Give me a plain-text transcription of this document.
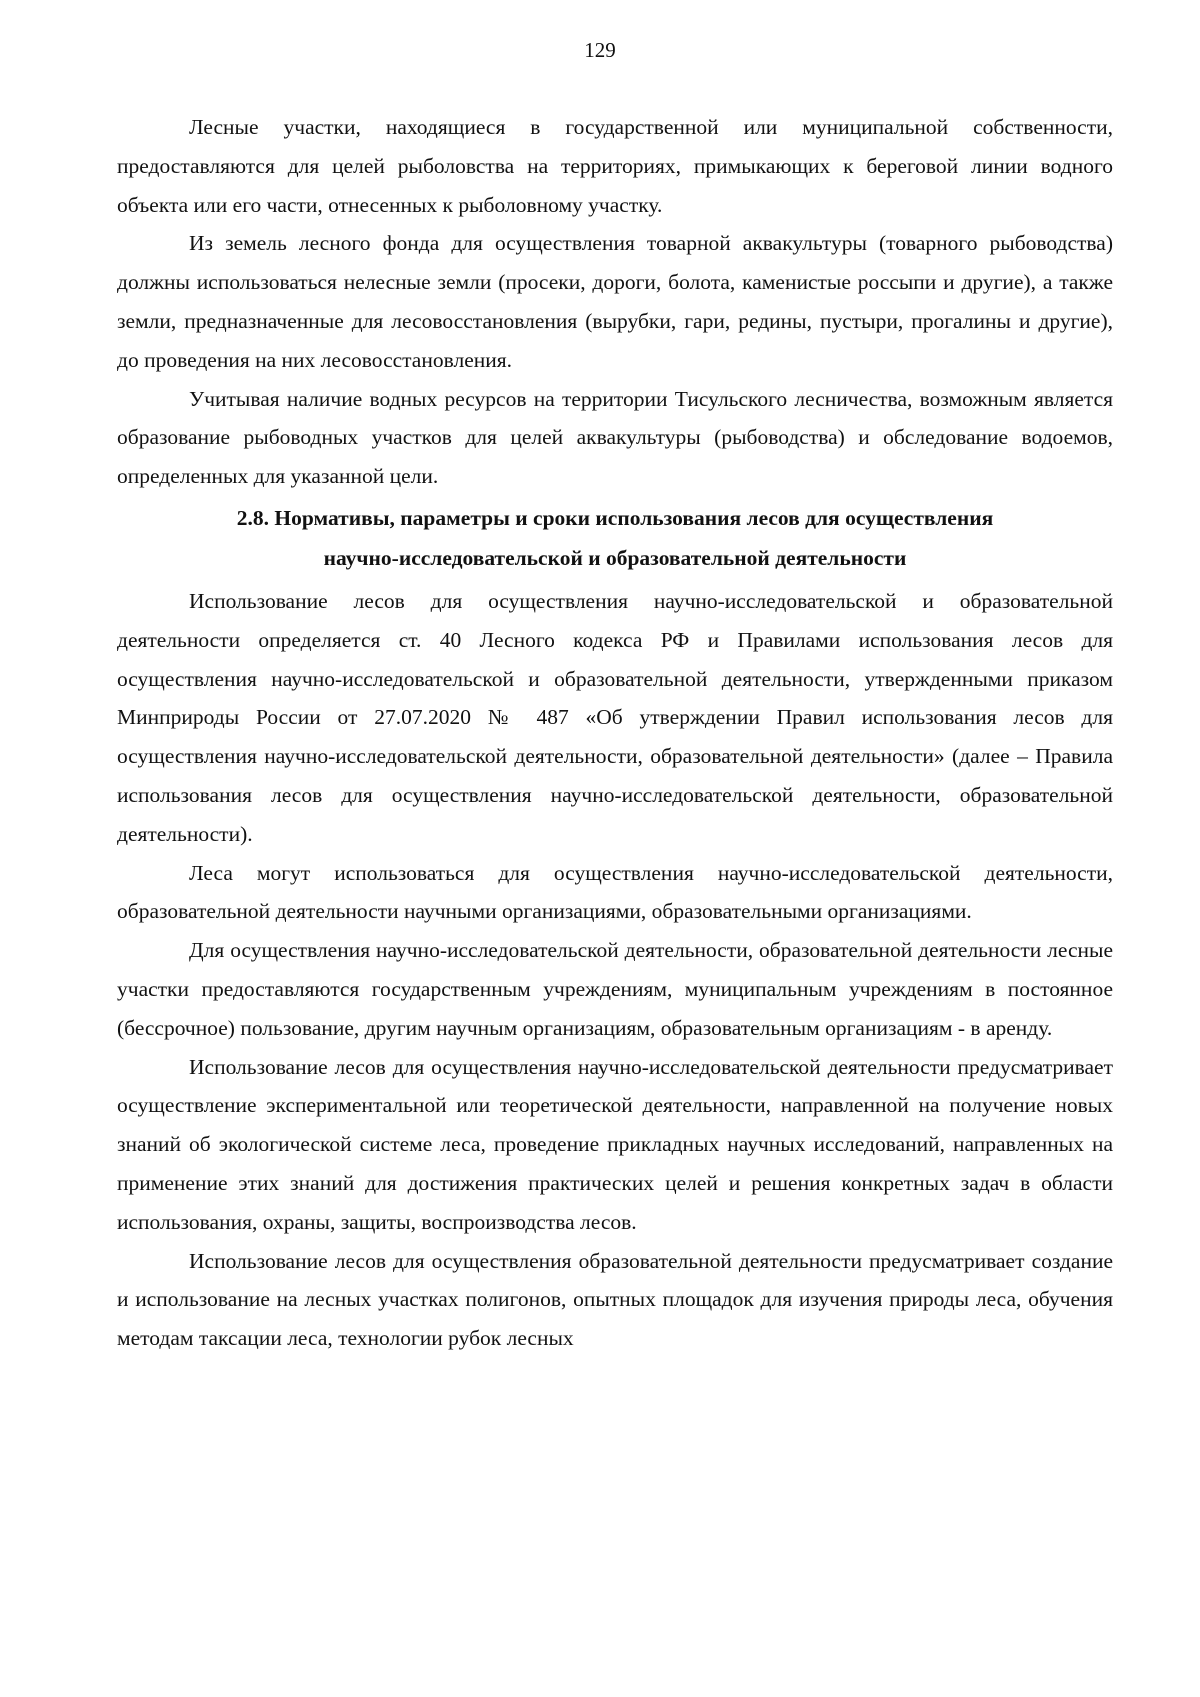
129

Лесные участки, находящиеся в государственной или муниципальной собственности, предоставляются для целей рыболовства на территориях, примыкающих к береговой линии водного объекта или его части, отнесенных к рыболовному участку.

Из земель лесного фонда для осуществления товарной аквакультуры (товарного рыбоводства) должны использоваться нелесные земли (просеки, дороги, болота, каменистые россыпи и другие), а также земли, предназначенные для лесовосстановления (вырубки, гари, редины, пустыри, прогалины и другие), до проведения на них лесовосстановления.

Учитывая наличие водных ресурсов на территории Тисульского лесничества, возможным является образование рыбоводных участков для целей аквакультуры (рыбоводства) и обследование водоемов, определенных для указанной цели.

2.8. Нормативы, параметры и сроки использования лесов для осуществления
научно-исследовательской и образовательной деятельности

Использование лесов для осуществления научно-исследовательской и образовательной деятельности определяется ст. 40 Лесного кодекса РФ и Правилами использования лесов для осуществления научно-исследовательской и образовательной деятельности, утвержденными приказом Минприроды России от 27.07.2020 № 487 «Об утверждении Правил использования лесов для осуществления научно-исследовательской деятельности, образовательной деятельности» (далее – Правила использования лесов для осуществления научно-исследовательской деятельности, образовательной деятельности).

Леса могут использоваться для осуществления научно-исследовательской деятельности, образовательной деятельности научными организациями, образовательными организациями.

Для осуществления научно-исследовательской деятельности, образовательной деятельности лесные участки предоставляются государственным учреждениям, муниципальным учреждениям в постоянное (бессрочное) пользование, другим научным организациям, образовательным организациям - в аренду.

Использование лесов для осуществления научно-исследовательской деятельности предусматривает осуществление экспериментальной или теоретической деятельности, направленной на получение новых знаний об экологической системе леса, проведение прикладных научных исследований, направленных на применение этих знаний для достижения практических целей и решения конкретных задач в области использования, охраны, защиты, воспроизводства лесов.

Использование лесов для осуществления образовательной деятельности предусматривает создание и использование на лесных участках полигонов, опытных площадок для изучения природы леса, обучения методам таксации леса, технологии рубок лесных
